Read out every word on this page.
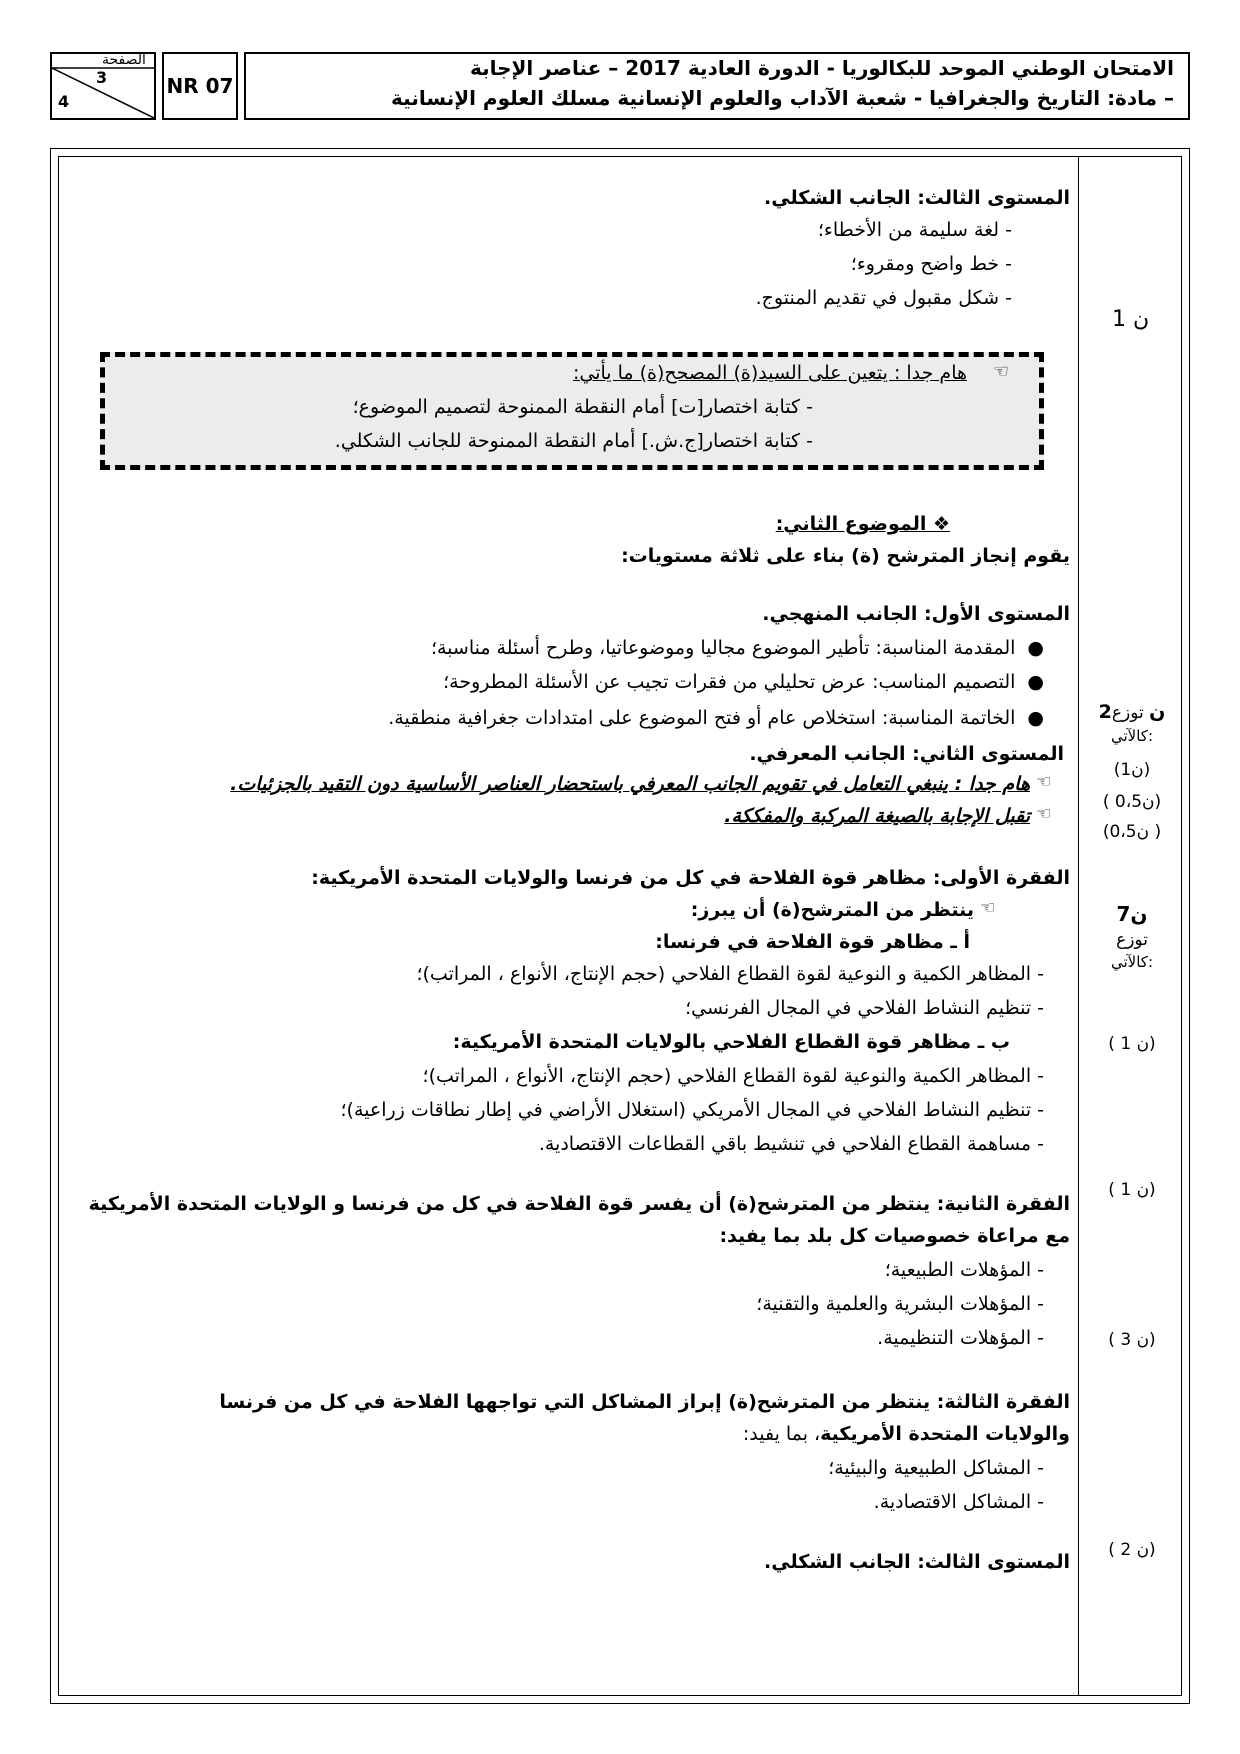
الصفحة
3
4
NR 07
الامتحان الوطني الموحد للبكالوريا - الدورة العادية 2017 – عناصر الإجابة
– مادة: التاريخ والجغرافيا - شعبة الآداب والعلوم الإنسانية مسلك العلوم الإنسانية
المستوى الثالث: الجانب الشكلي.
- لغة سليمة من الأخطاء؛
- خط واضح ومقروء؛
- شكل مقبول في تقديم المنتوج.
1 ن
☜
هام جدا : يتعين على السيد(ة) المصحح(ة) ما يأتي:
- كتابة اختصار[ت] أمام النقطة الممنوحة لتصميم الموضوع؛
- كتابة اختصار[ج.ش.] أمام النقطة الممنوحة للجانب الشكلي.
❖ الموضوع الثاني:
يقوم إنجاز المترشح (ة) بناء على ثلاثة مستويات:
المستوى الأول: الجانب المنهجي.
●المقدمة المناسبة: تأطير الموضوع مجاليا وموضوعاتيا، وطرح أسئلة مناسبة؛
●التصميم المناسب: عرض تحليلي من فقرات تجيب عن الأسئلة المطروحة؛
●الخاتمة المناسبة: استخلاص عام أو فتح الموضوع على امتدادات جغرافية منطقية.
المستوى الثاني: الجانب المعرفي.
☜
هام جدا : ينبغي التعامل في تقويم الجانب المعرفي باستحضار العناصر الأساسية دون التقيد بالجزئيات.
☜
تقبل الإجابة بالصيغة المركبة والمفككة.
الفقرة الأولى: مظاهر قوة الفلاحة في كل من فرنسا والولايات المتحدة الأمريكية:
☜
ينتظر من المترشح(ة) أن يبرز:
أ ـ مظاهر قوة الفلاحة في فرنسا:
- المظاهر الكمية و النوعية لقوة القطاع الفلاحي (حجم الإنتاج، الأنواع ، المراتب)؛
- تنظيم النشاط الفلاحي في المجال الفرنسي؛
ب ـ مظاهر قوة القطاع الفلاحي بالولايات المتحدة الأمريكية:
- المظاهر الكمية والنوعية لقوة القطاع الفلاحي (حجم الإنتاج، الأنواع ، المراتب)؛
- تنظيم النشاط الفلاحي في المجال الأمريكي (استغلال الأراضي في إطار نطاقات زراعية)؛
- مساهمة القطاع الفلاحي في تنشيط باقي القطاعات الاقتصادية.
الفقرة الثانية: ينتظر من المترشح(ة) أن يفسر قوة الفلاحة في كل من فرنسا و الولايات المتحدة الأمريكية
مع مراعاة خصوصيات كل بلد بما يفيد:
- المؤهلات الطبيعية؛
- المؤهلات البشرية والعلمية والتقنية؛
- المؤهلات التنظيمية.
الفقرة الثالثة: ينتظر من المترشح(ة) إبراز المشاكل التي تواجهها الفلاحة في كل من فرنسا
والولايات المتحدة الأمريكية، بما يفيد:
- المشاكل الطبيعية والبيئية؛
- المشاكل الاقتصادية.
المستوى الثالث: الجانب الشكلي.
2ن توزع
كالآتي:
(1ن)
( 0،5ن)
(0،5ن )
7ن
توزع
كالآتي:
( 1 ن)
( 1 ن)
( 3 ن)
( 2 ن)
